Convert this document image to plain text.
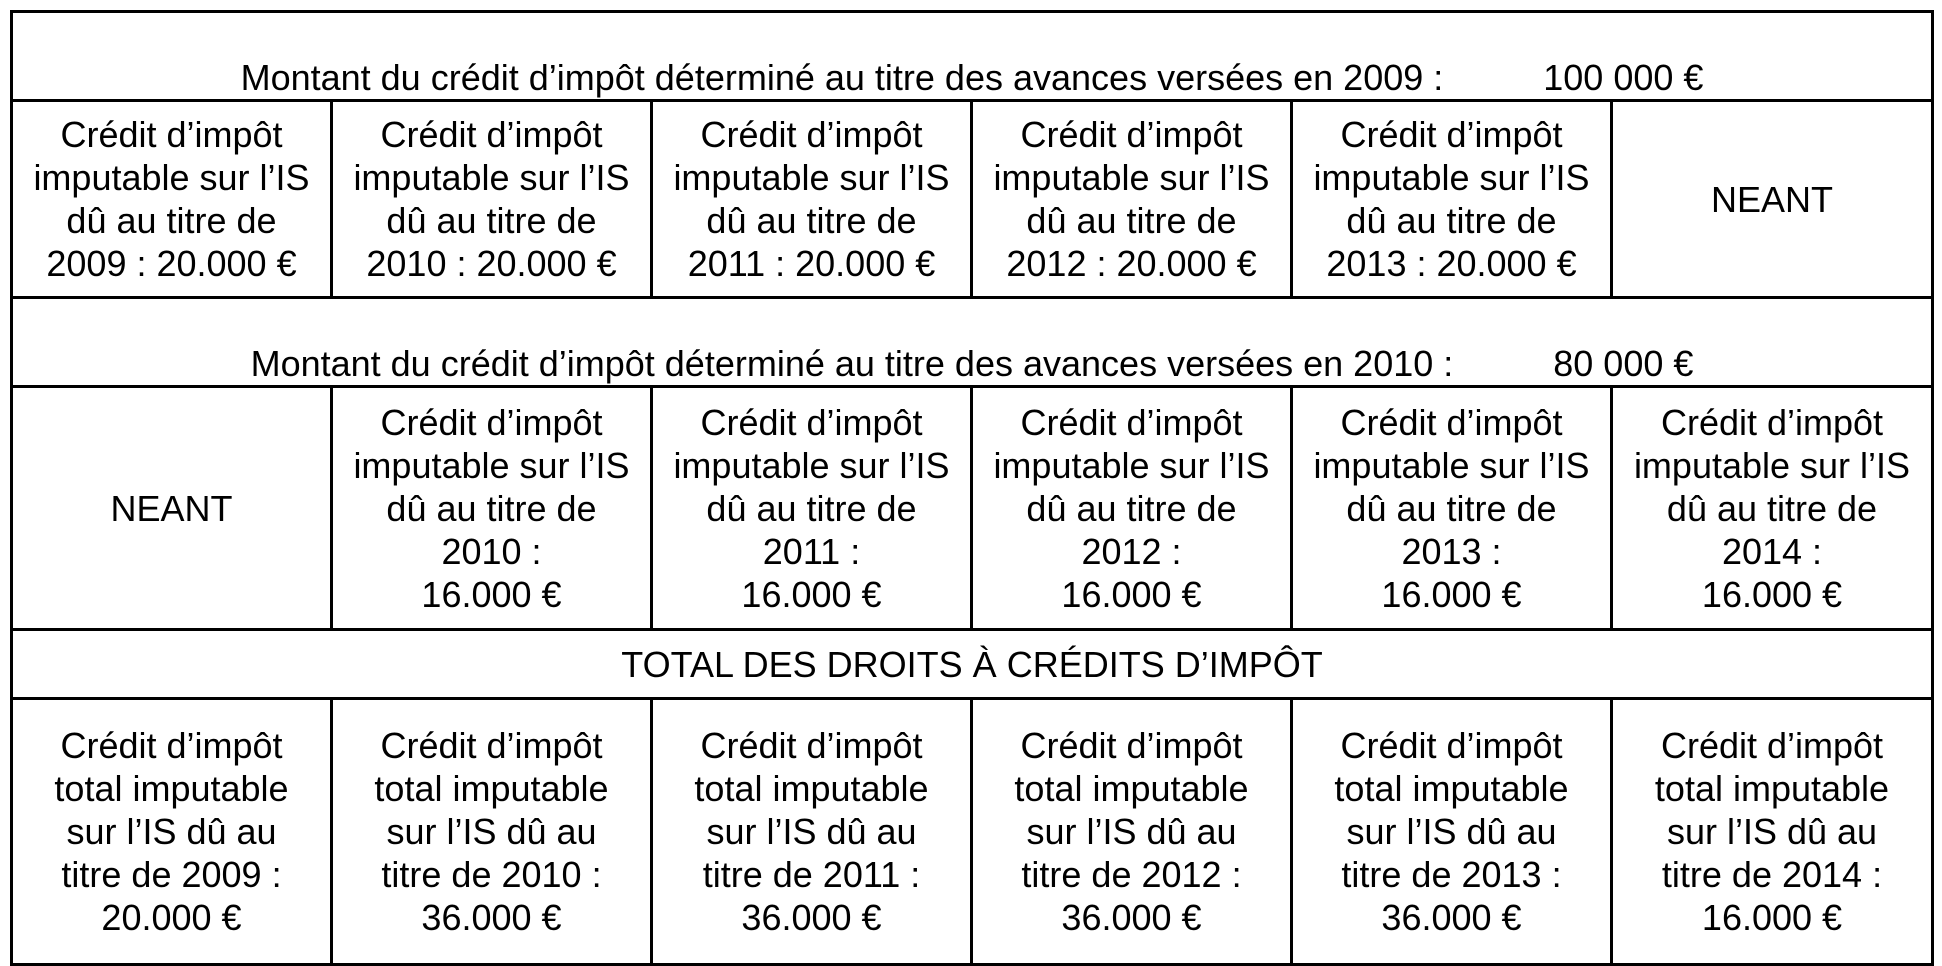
Montant du crédit d’impôt déterminé au titre des avances versées en 2009 : 100 000 €					

Crédit d’impôt
imputable sur l’IS
dû au titre de
2009 : 20.000 €	Crédit d’impôt
imputable sur l’IS
dû au titre de
2010 : 20.000 €	Crédit d’impôt
imputable sur l’IS
dû au titre de
2011 : 20.000 €	Crédit d’impôt
imputable sur l’IS
dû au titre de
2012 : 20.000 €	Crédit d’impôt
imputable sur l’IS
dû au titre de
2013 : 20.000 €	NEANT

Montant du crédit d’impôt déterminé au titre des avances versées en 2010 : 80 000 €					

NEANT	Crédit d’impôt
imputable sur l’IS
dû au titre de
2010 :
16.000 €	Crédit d’impôt
imputable sur l’IS
dû au titre de
2011 :
16.000 €	Crédit d’impôt
imputable sur l’IS
dû au titre de
2012 :
16.000 €	Crédit d’impôt
imputable sur l’IS
dû au titre de
2013 :
16.000 €	Crédit d’impôt
imputable sur l’IS
dû au titre de
2014 :
16.000 €
TOTAL DES DROITS À CRÉDITS D’IMPÔT					
Crédit d’impôt
total imputable
sur l’IS dû au
titre de 2009 :
20.000 €	Crédit d’impôt
total imputable
sur l’IS dû au
titre de 2010 :
36.000 €	Crédit d’impôt
total imputable
sur l’IS dû au
titre de 2011 :
36.000 €	Crédit d’impôt
total imputable
sur l’IS dû au
titre de 2012 :
36.000 €	Crédit d’impôt
total imputable
sur l’IS dû au
titre de 2013 :
36.000 €	Crédit d’impôt
total imputable
sur l’IS dû au
titre de 2014 :
16.000 €
